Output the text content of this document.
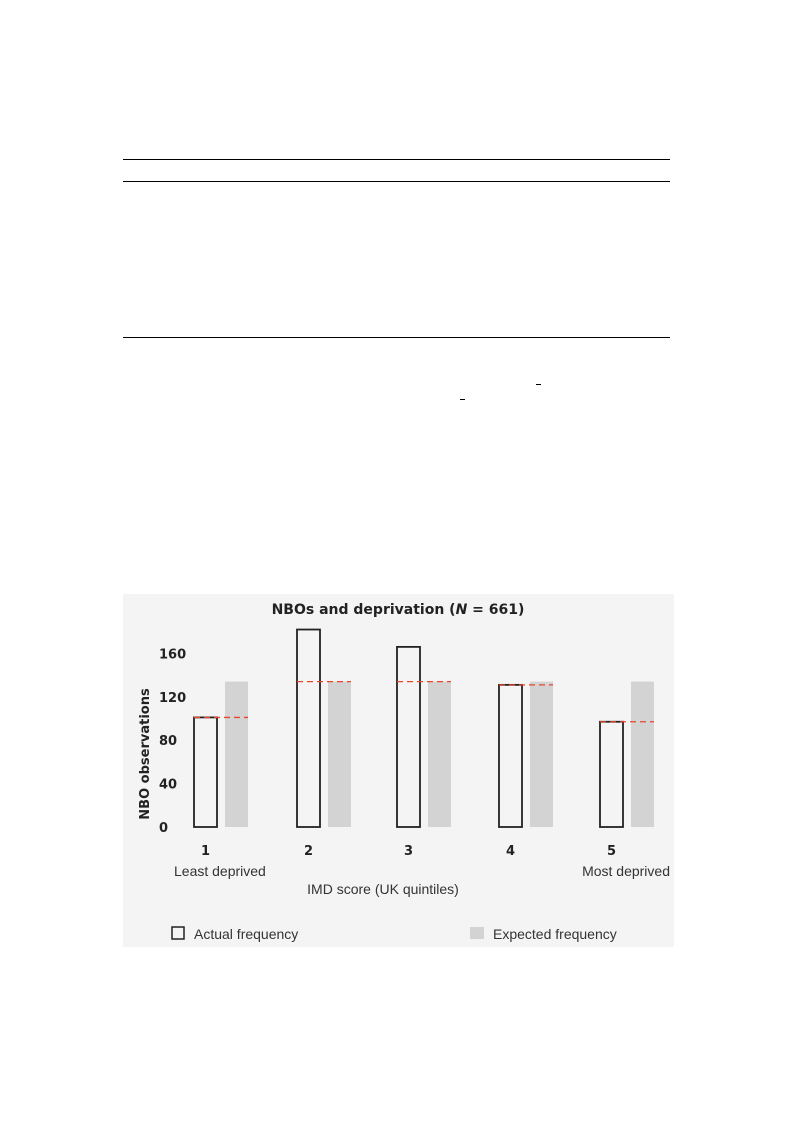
NBOs and deprivation (N = 661)
0
40
80
120
160
1	2	3	4	5
NBO observations
Least deprived	Most deprived
IMD score (UK quintiles)
Actual frequency	Expected frequency
